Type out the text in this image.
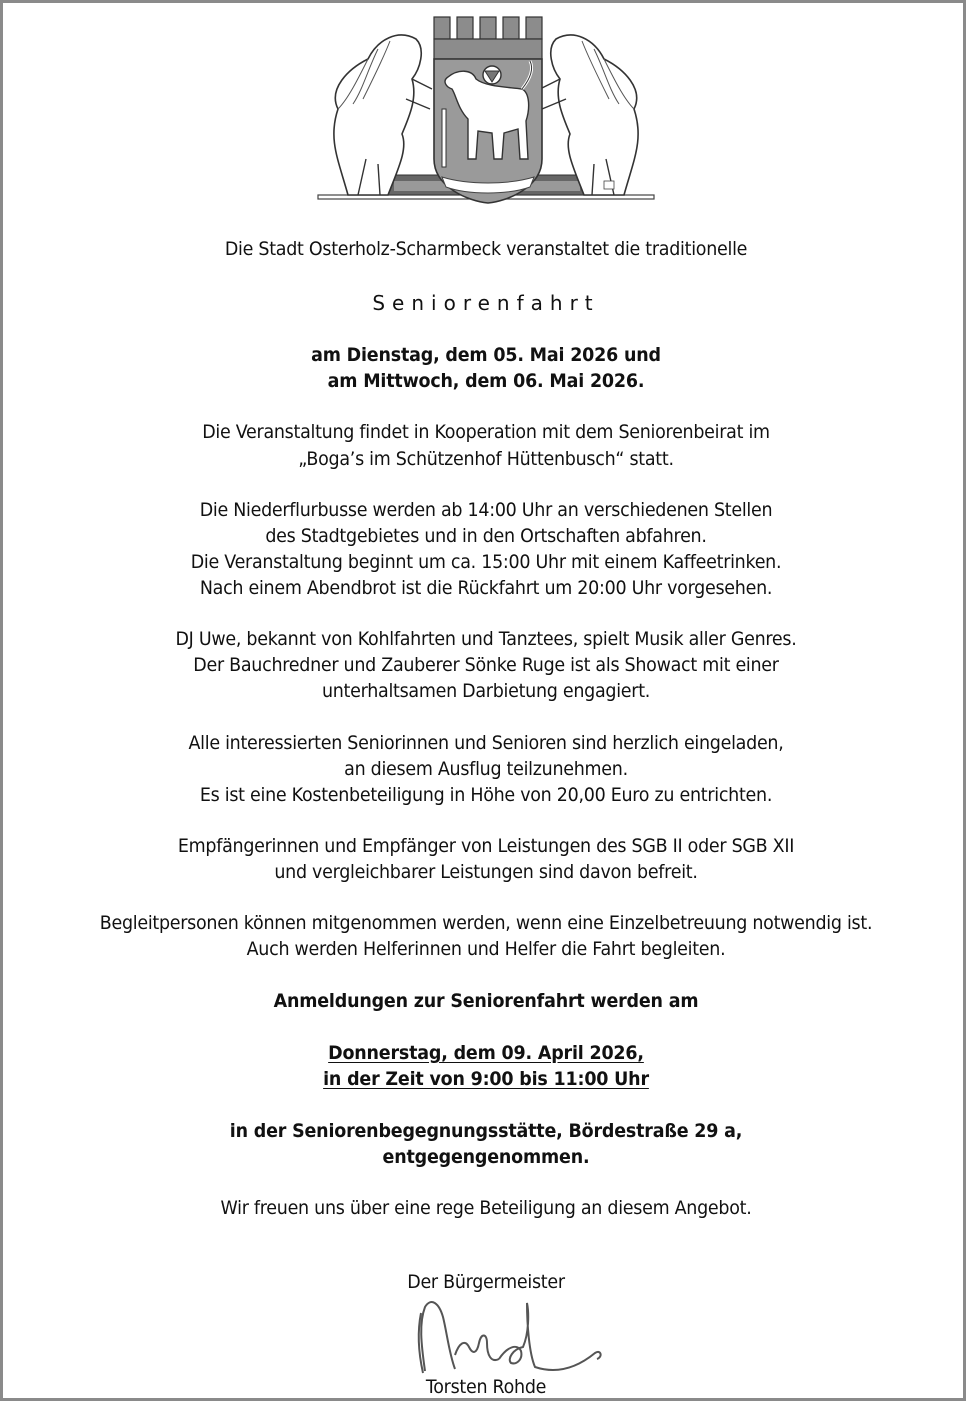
Die Stadt Osterholz-Scharmbeck veranstaltet die traditionelle
Seniorenfahrt
am Dienstag, dem 05. Mai 2026 und
am Mittwoch, dem 06. Mai 2026.
Die Veranstaltung findet in Kooperation mit dem Seniorenbeirat im
„Boga’s im Schützenhof Hüttenbusch“ statt.
Die Niederflurbusse werden ab 14:00 Uhr an verschiedenen Stellen
des Stadtgebietes und in den Ortschaften abfahren.
Die Veranstaltung beginnt um ca. 15:00 Uhr mit einem Kaffeetrinken.
Nach einem Abendbrot ist die Rückfahrt um 20:00 Uhr vorgesehen.
DJ Uwe, bekannt von Kohlfahrten und Tanztees, spielt Musik aller Genres.
Der Bauchredner und Zauberer Sönke Ruge ist als Showact mit einer
unterhaltsamen Darbietung engagiert.
Alle interessierten Seniorinnen und Senioren sind herzlich eingeladen,
an diesem Ausflug teilzunehmen.
Es ist eine Kostenbeteiligung in Höhe von 20,00 Euro zu entrichten.
Empfängerinnen und Empfänger von Leistungen des SGB II oder SGB XII
und vergleichbarer Leistungen sind davon befreit.
Begleitpersonen können mitgenommen werden, wenn eine Einzelbetreuung notwendig ist.
Auch werden Helferinnen und Helfer die Fahrt begleiten.
Anmeldungen zur Seniorenfahrt werden am
Donnerstag, dem 09. April 2026,
in der Zeit von 9:00 bis 11:00 Uhr
in der Seniorenbegegnungsstätte, Bördestraße 29 a,
entgegengenommen.
Wir freuen uns über eine rege Beteiligung an diesem Angebot.
Der Bürgermeister
Torsten Rohde
